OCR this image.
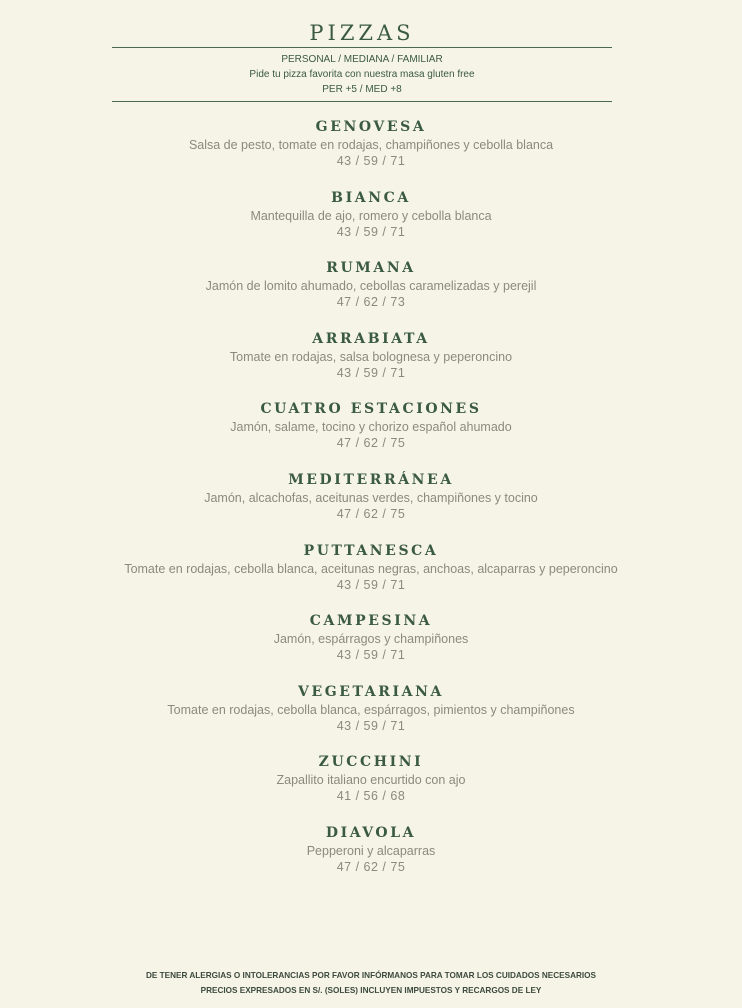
PIZZAS
PERSONAL / MEDIANA / FAMILIAR
Pide tu pizza favorita con nuestra masa gluten free
PER +5 / MED +8
GENOVESA
Salsa de pesto, tomate en rodajas, champiñones y cebolla blanca
43 / 59 / 71
BIANCA
Mantequilla de ajo, romero y cebolla blanca
43 / 59 / 71
RUMANA
Jamón de lomito ahumado, cebollas caramelizadas y perejil
47 / 62 / 73
ARRABIATA
Tomate en rodajas, salsa bolognesa y peperoncino
43 / 59 / 71
CUATRO ESTACIONES
Jamón, salame, tocino y chorizo español ahumado
47 / 62 / 75
MEDITERRÁNEA
Jamón, alcachofas, aceitunas verdes, champiñones y tocino
47 / 62 / 75
PUTTANESCA
Tomate en rodajas, cebolla blanca, aceitunas negras, anchoas, alcaparras y peperoncino
43 / 59 / 71
CAMPESINA
Jamón, espárragos y champiñones
43 / 59 / 71
VEGETARIANA
Tomate en rodajas, cebolla blanca, espárragos, pimientos y champiñones
43 / 59 / 71
ZUCCHINI
Zapallito italiano encurtido con ajo
41 / 56 / 68
DIAVOLA
Pepperoni y alcaparras
47 / 62 / 75
DE TENER ALERGIAS O INTOLERANCIAS POR FAVOR INFÓRMANOS PARA TOMAR LOS CUIDADOS NECESARIOS
PRECIOS EXPRESADOS EN S/. (SOLES) INCLUYEN IMPUESTOS Y RECARGOS DE LEY
